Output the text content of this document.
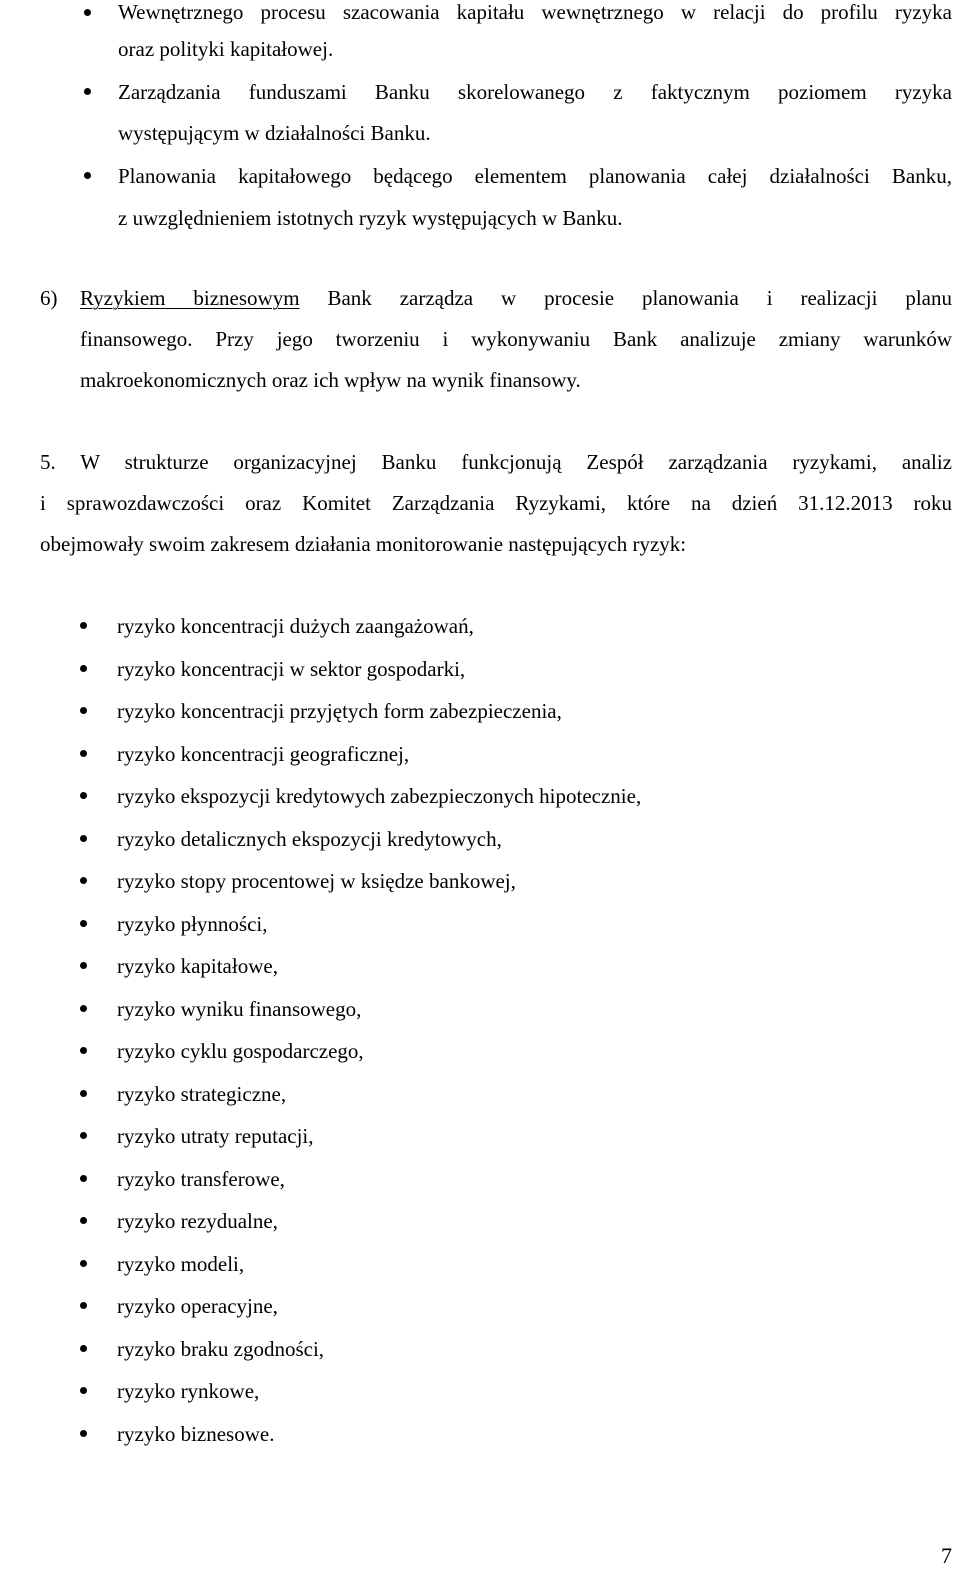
Wewnętrznego procesu szacowania kapitału wewnętrznego w relacji do profilu ryzyka
oraz polityki kapitałowej.
Zarządzania funduszami Banku skorelowanego z faktycznym poziomem ryzyka
występującym w działalności Banku.
Planowania kapitałowego będącego elementem planowania całej działalności Banku,
z uwzględnieniem istotnych ryzyk występujących w Banku.
6) Ryzykiem biznesowym Bank zarządza w procesie planowania i realizacji planu
finansowego. Przy jego tworzeniu i wykonywaniu Bank analizuje zmiany warunków
makroekonomicznych oraz ich wpływ na wynik finansowy.
5. W strukturze organizacyjnej Banku funkcjonują Zespół zarządzania ryzykami, analiz
i sprawozdawczości oraz Komitet Zarządzania Ryzykami, które na dzień 31.12.2013 roku
obejmowały swoim zakresem działania monitorowanie następujących ryzyk:
ryzyko koncentracji dużych zaangażowań,
ryzyko koncentracji w sektor gospodarki,
ryzyko koncentracji przyjętych form zabezpieczenia,
ryzyko koncentracji geograficznej,
ryzyko ekspozycji kredytowych zabezpieczonych hipotecznie,
ryzyko detalicznych ekspozycji kredytowych,
ryzyko stopy procentowej w księdze bankowej,
ryzyko płynności,
ryzyko kapitałowe,
ryzyko wyniku finansowego,
ryzyko cyklu gospodarczego,
ryzyko strategiczne,
ryzyko utraty reputacji,
ryzyko transferowe,
ryzyko rezydualne,
ryzyko modeli,
ryzyko operacyjne,
ryzyko braku zgodności,
ryzyko rynkowe,
ryzyko biznesowe.
7
